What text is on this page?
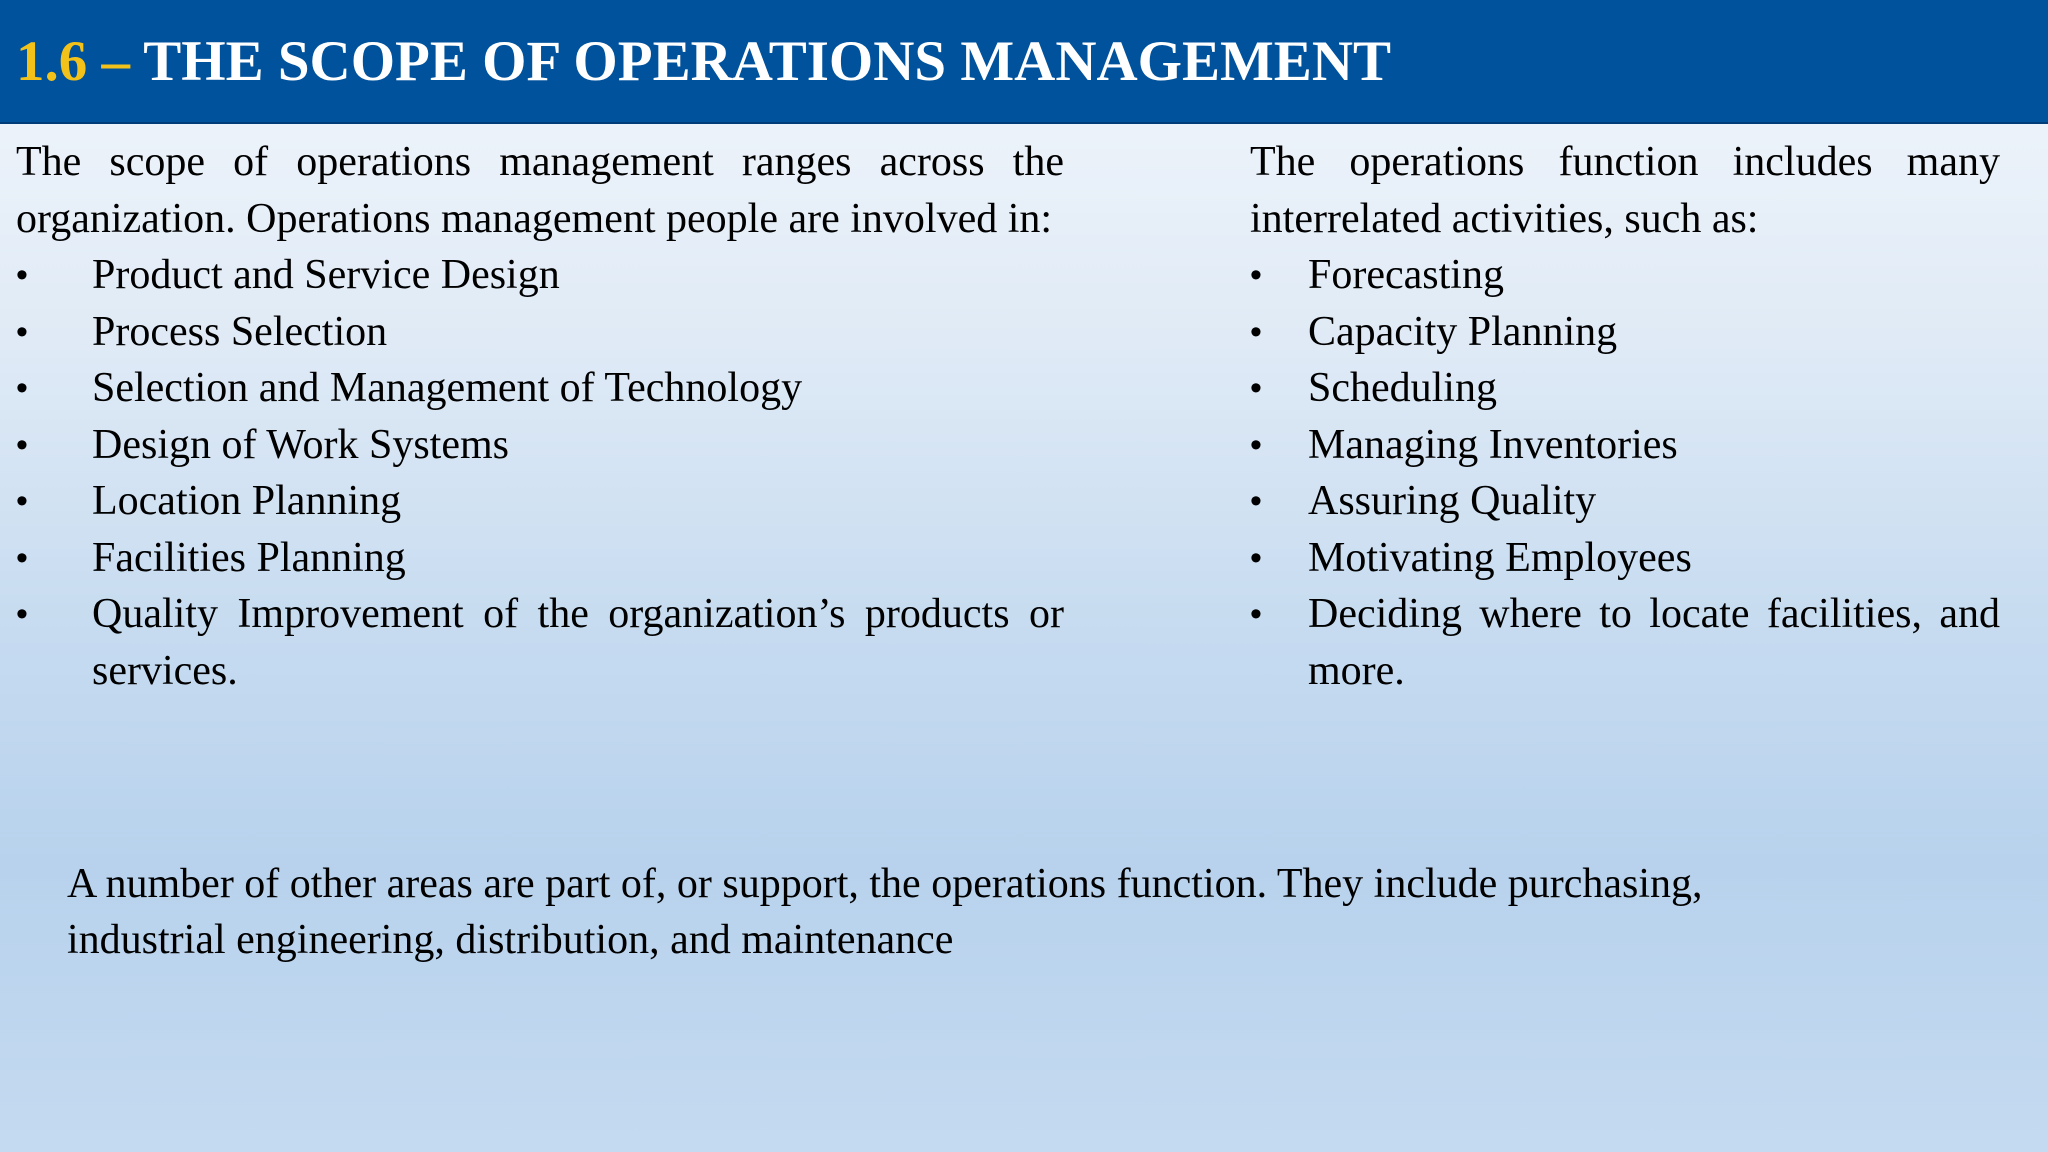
1.6 – THE SCOPE OF OPERATIONS MANAGEMENT

The scope of operations management ranges across the organization. Operations management people are involved in:

• Product and Service Design
• Process Selection
• Selection and Management of Technology
• Design of Work Systems
• Location Planning
• Facilities Planning
• Quality Improvement of the organization’s products or services.

The operations function includes many interrelated activities, such as:

• Forecasting
• Capacity Planning
• Scheduling
• Managing Inventories
• Assuring Quality
• Motivating Employees
• Deciding where to locate facilities, and more.
A number of other areas are part of, or support, the operations function. They include purchasing,
industrial engineering, distribution, and maintenance
